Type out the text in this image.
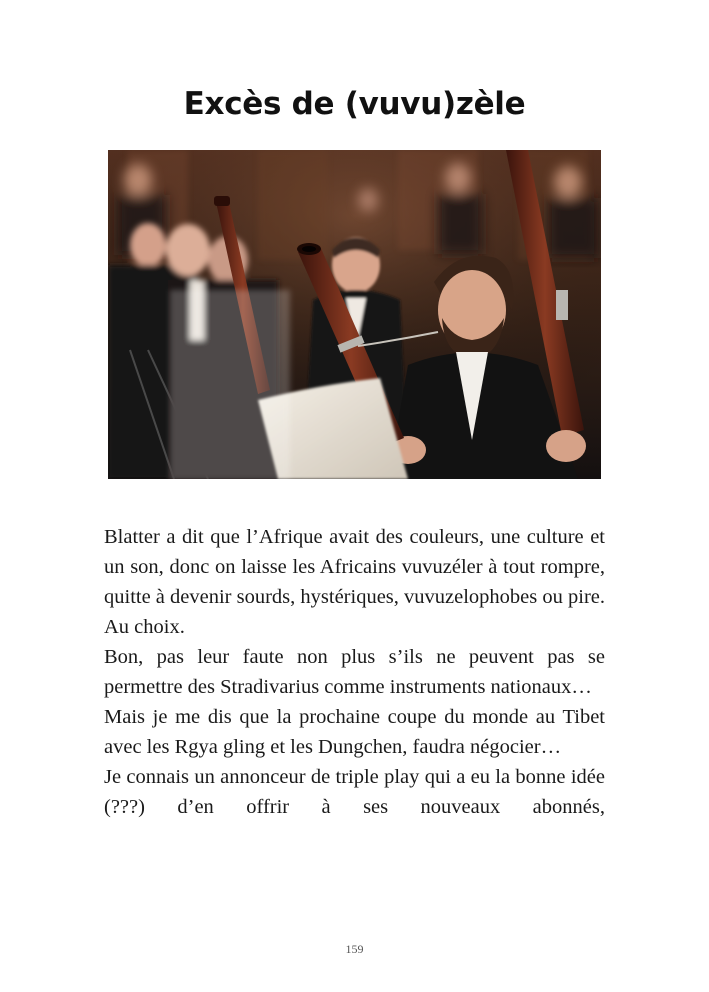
Excès de (vuvu)zèle

Blatter a dit que l’Afrique avait des couleurs, une culture et un son, donc on laisse les Africains vuvuzéler à tout rompre, quitte à devenir sourds, hystériques, vuvuzelophobes ou pire.

Au choix.

Bon, pas leur faute non plus s’ils ne peuvent pas se permettre des Stradivarius comme instruments nationaux…

Mais je me dis que la prochaine coupe du monde au Tibet avec les Rgya gling et les Dungchen, faudra négocier…

Je connais un annonceur de triple play qui a eu la bonne idée (???) d’en offrir à ses nouveaux abonnés,

159
